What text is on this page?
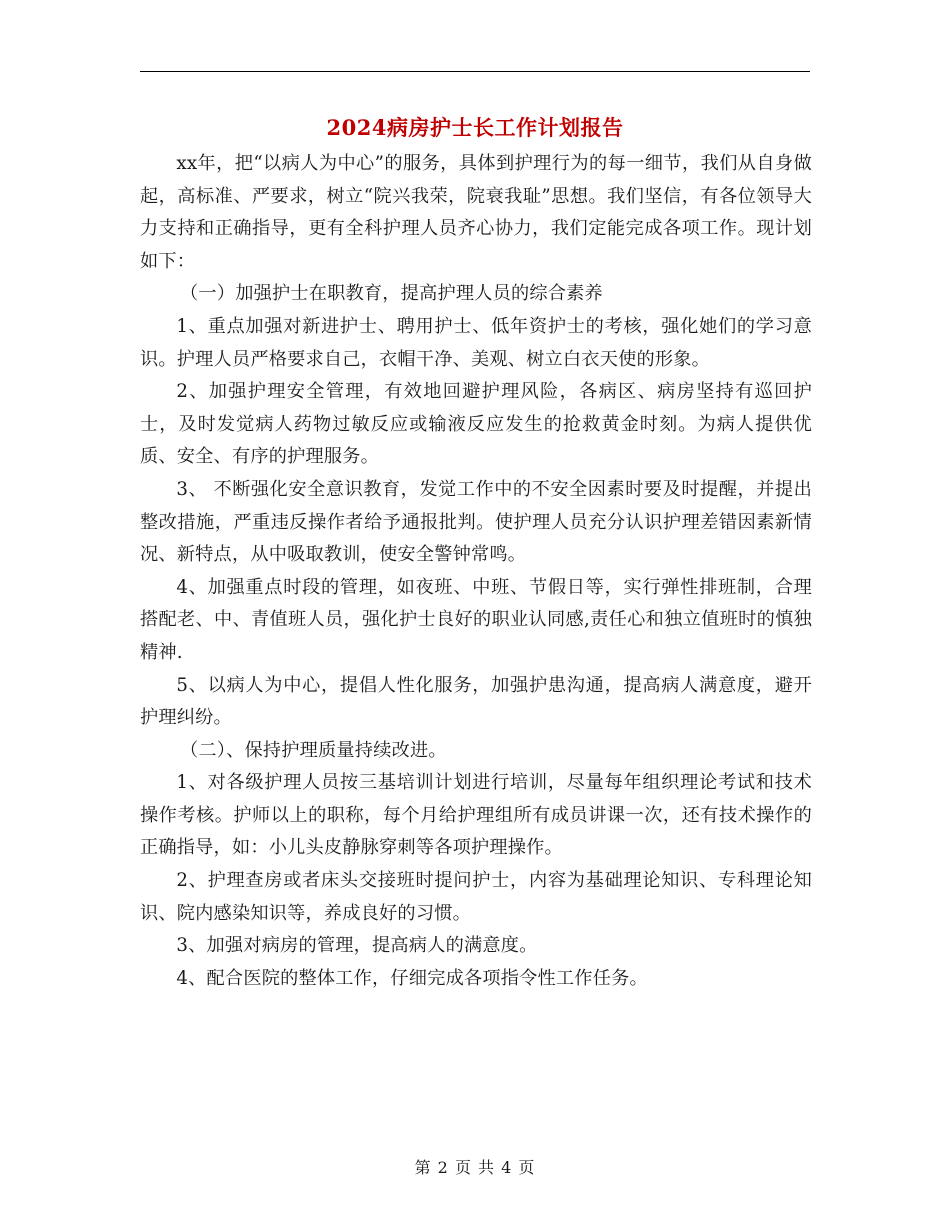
2024病房护士长工作计划报告

xx年，把“以病人为中心”的服务，具体到护理行为的每一细节，我们从自身做起，高标准、严要求，树立“院兴我荣，院衰我耻”思想。我们坚信，有各位领导大力支持和正确指导，更有全科护理人员齐心协力，我们定能完成各项工作。现计划如下：

（一）加强护士在职教育，提高护理人员的综合素养

1、重点加强对新进护士、聘用护士、低年资护士的考核，强化她们的学习意识。护理人员严格要求自己，衣帽干净、美观、树立白衣天使的形象。

2、加强护理安全管理，有效地回避护理风险，各病区、病房坚持有巡回护士，及时发觉病人药物过敏反应或输液反应发生的抢救黄金时刻。为病人提供优质、安全、有序的护理服务。

3、 不断强化安全意识教育，发觉工作中的不安全因素时要及时提醒，并提出整改措施，严重违反操作者给予通报批判。使护理人员充分认识护理差错因素新情况、新特点，从中吸取教训，使安全警钟常鸣。

4、加强重点时段的管理，如夜班、中班、节假日等，实行弹性排班制，合理搭配老、中、青值班人员，强化护士良好的职业认同感,责任心和独立值班时的慎独精神.

5、以病人为中心，提倡人性化服务，加强护患沟通，提高病人满意度，避开护理纠纷。

（二）、保持护理质量持续改进。

1、对各级护理人员按三基培训计划进行培训，尽量每年组织理论考试和技术操作考核。护师以上的职称，每个月给护理组所有成员讲课一次，还有技术操作的正确指导，如：小儿头皮静脉穿刺等各项护理操作。

2、护理查房或者床头交接班时提问护士，内容为基础理论知识、专科理论知识、院内感染知识等，养成良好的习惯。

3、加强对病房的管理，提高病人的满意度。

4、配合医院的整体工作，仔细完成各项指令性工作任务。

第 2 页 共 4 页
